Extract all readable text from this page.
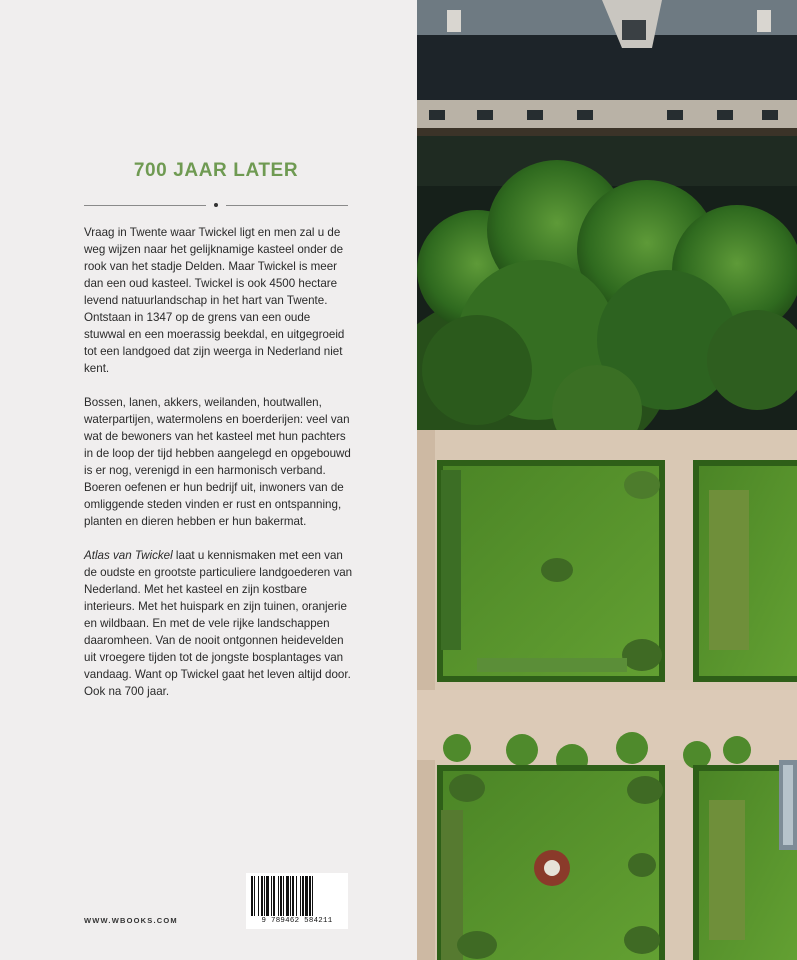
700 JAAR LATER

Vraag in Twente waar Twickel ligt en men zal u de weg wijzen naar het gelijknamige kasteel onder de rook van het stadje Delden. Maar Twickel is meer dan een oud kasteel. Twickel is ook 4500 hectare levend natuurlandschap in het hart van Twente. Ontstaan in 1347 op de grens van een oude stuwwal en een moerassig beekdal, en uitgegroeid tot een landgoed dat zijn weerga in Nederland niet kent.

Bossen, lanen, akkers, weilanden, houtwallen, waterpartijen, watermolens en boerderijen: veel van wat de bewoners van het kasteel met hun pachters in de loop der tijd hebben aangelegd en opgebouwd is er nog, verenigd in een harmonisch verband. Boeren oefenen er hun bedrijf uit, inwoners van de omliggende steden vinden er rust en ontspanning, planten en dieren hebben er hun bakermat.

Atlas van Twickel laat u kennismaken met een van de oudste en grootste particuliere landgoederen van Nederland. Met het kasteel en zijn kostbare interieurs. Met het huispark en zijn tuinen, oranjerie en wildbaan. En met de vele rijke landschappen daaromheen. Van de nooit ontgonnen heidevelden uit vroegere tijden tot de jongste bosplantages van vandaag. Want op Twickel gaat het leven altijd door. Ook na 700 jaar.

WWW.WBOOKS.COM	9 789462 584211
